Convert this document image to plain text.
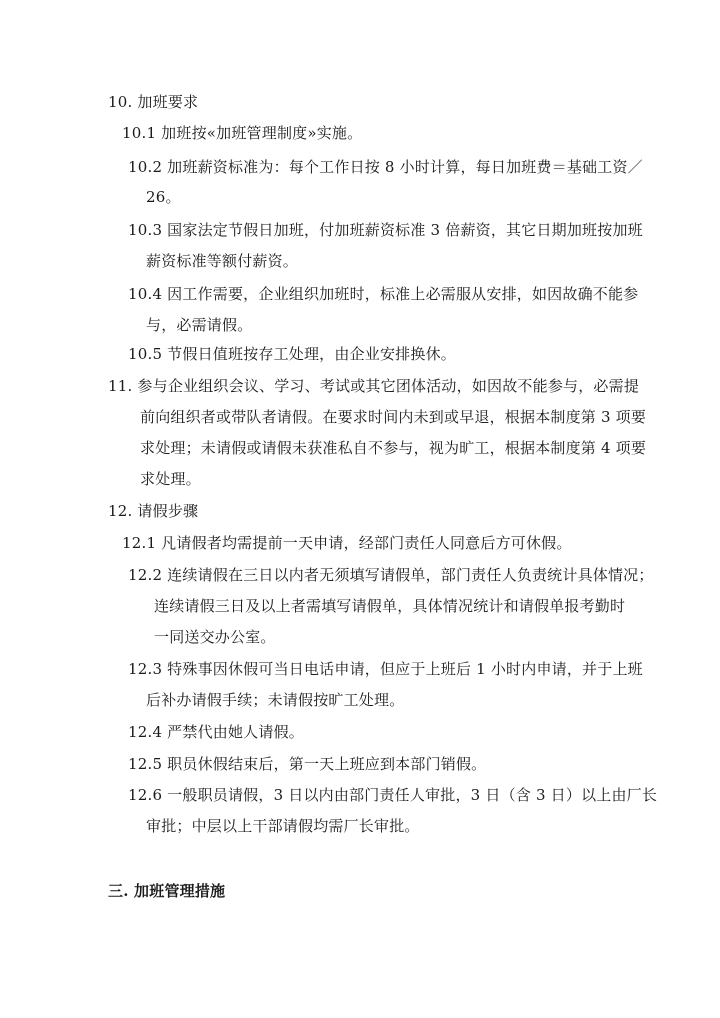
10. 加班要求
10.1 加班按«加班管理制度»实施。
10.2 加班薪资标准为：每个工作日按 8 小时计算，每日加班费＝基础工资／
26。
10.3 国家法定节假日加班，付加班薪资标准 3 倍薪资，其它日期加班按加班
薪资标准等额付薪资。
10.4 因工作需要，企业组织加班时，标准上必需服从安排，如因故确不能参
与，必需请假。
10.5 节假日值班按存工处理，由企业安排换休。
11. 参与企业组织会议、学习、考试或其它团体活动，如因故不能参与，必需提
前向组织者或带队者请假。在要求时间内未到或早退，根据本制度第 3 项要
求处理；未请假或请假未获准私自不参与，视为旷工，根据本制度第 4 项要
求处理。
12. 请假步骤
12.1 凡请假者均需提前一天申请，经部门责任人同意后方可休假。
12.2 连续请假在三日以内者无须填写请假单，部门责任人负责统计具体情况；
连续请假三日及以上者需填写请假单，具体情况统计和请假单报考勤时
一同送交办公室。
12.3 特殊事因休假可当日电话申请，但应于上班后 1 小时内申请，并于上班
后补办请假手续；未请假按旷工处理。
12.4 严禁代由她人请假。
12.5 职员休假结束后，第一天上班应到本部门销假。
12.6 一般职员请假，3 日以内由部门责任人审批，3 日（含 3 日）以上由厂长
审批；中层以上干部请假均需厂长审批。
三. 加班管理措施
